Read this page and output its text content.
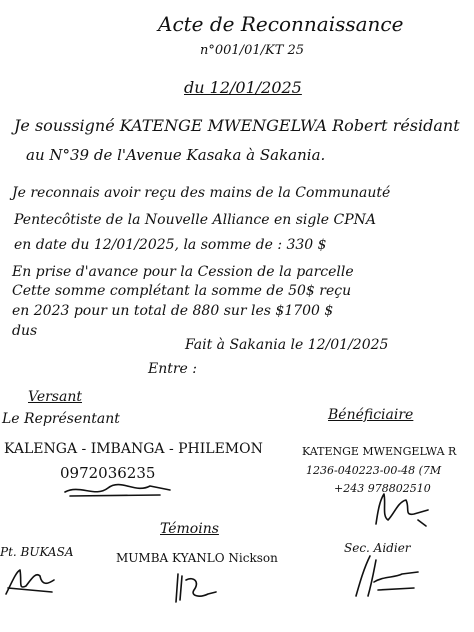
Acte de Reconnaissance
n°001/01/KT 25
du 12/01/2025
Je soussigné KATENGE MWENGELWA Robert résidant
au N°39 de l'Avenue Kasaka à Sakania.
Je reconnais avoir reçu des mains de la Communauté
Pentecôtiste de la Nouvelle Alliance en sigle CPNA
en date du 12/01/2025, la somme de : 330 $
En prise d'avance pour la Cession de la parcelle
Cette somme complétant la somme de 50$ reçu
en 2023 pour un total de 880 sur les $1700 $
dus
Fait à Sakania le 12/01/2025
Entre :
Versant
Le Représentant
KALENGA - IMBANGA - PHILEMON
0972036235
Bénéficiaire
KATENGE MWENGELWA R
1236-040223-00-48 (7M
+243 978802510
Témoins
Pt. BUKASA	MUMBA KYANLO Nickson
Sec. Aidier
